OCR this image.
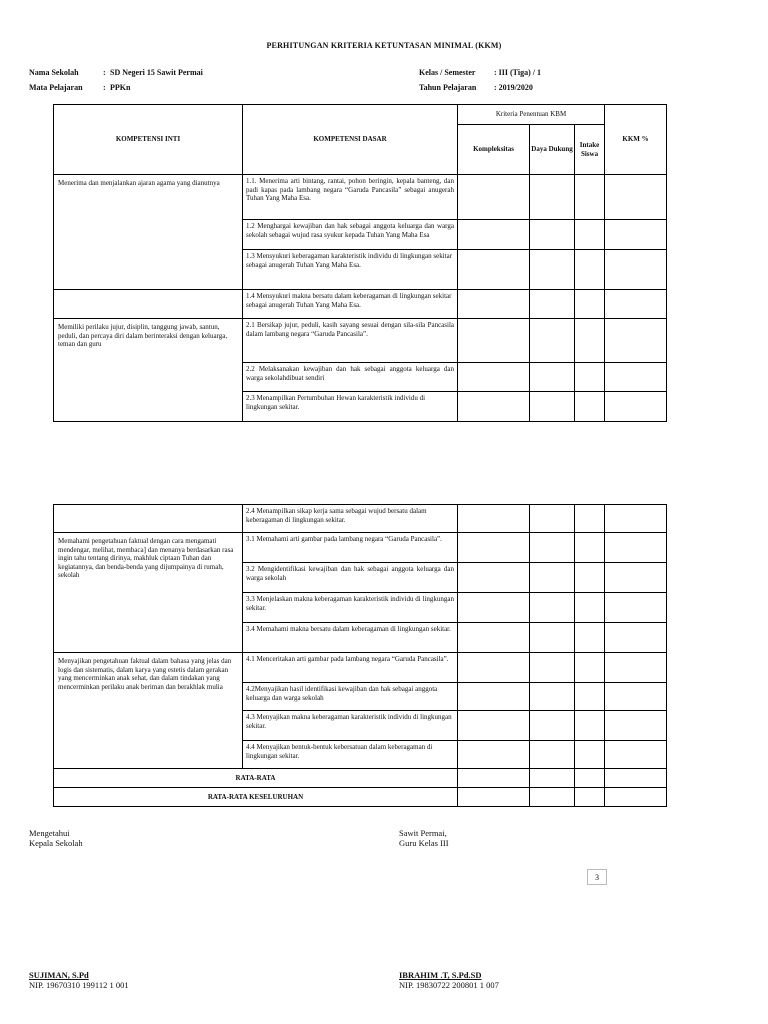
PERHITUNGAN KRITERIA KETUNTASAN MINIMAL (KKM)
Nama Sekolah	: SD Negeri 15 Sawit Permai
Mata Pelajaran	: PPKn
Kelas / Semester : III (Tiga) / 1
Tahun Pelajaran : 2019/2020
KOMPETENSI INTI	KOMPETENSI DASAR	Kriteria Penentuan KBM			KKM %
		Kompleksitas	Daya Dukung	Intake Siswa	
Menerima dan menjalankan ajaran agama yang dianutnya	1.1. Menerima arti bintang, rantai, pohon beringin, kepala banteng, dan padi kapas pada lambang negara “Garuda Pancasila” sebagai anugerah Tuhan Yang Maha Esa.				
	1.2 Menghargai kewajiban dan hak sebagai anggota keluarga dan warga sekolah sebagai wujud rasa syukur kepada Tuhan Yang Maha Esa				
	1.3 Mensyukuri keberagaman karakteristik individu di lingkungan sekitar sebagai anugerah Tuhan Yang Maha Esa.				
	1.4 Mensyukuri makna bersatu dalam keberagaman di lingkungan sekitar sebagai anugerah Tuhan Yang Maha Esa.				
Memiliki perilaku jujur, disiplin, tanggung jawab, santun, peduli, dan percaya diri dalam berinteraksi dengan keluarga, teman dan guru	2.1 Bersikap jujur, peduli, kasih sayang sesuai dengan sila-sila Pancasila dalam lambang negara “Garuda Pancasila”.				
	2.2 Melaksanakan kewajiban dan hak sebagai anggota keluarga dan warga sekolahdibuat sendiri				
	2.3 Menampilkan Pertumbuhan Hewan karakteristik individu di lingkungan sekitar.				
	2.4 Menampilkan sikap kerja sama sebagai wujud bersatu dalam keberagaman di lingkungan sekitar.				
Memahami pengetahuan faktual dengan cara mengamati mendengar, melihat, membaca] dan menanya berdasarkan rasa ingin tahu tentang dirinya, makhluk ciptaan Tuhan dan kegiatannya, dan benda-benda yang dijumpainya di rumah, sekolah	3.1 Memahami arti gambar pada lambang negara “Garuda Pancasila”.				
	3.2 Mengidentifikasi kewajiban dan hak sebagai anggota keluarga dan warga sekolah				
	3.3 Menjelaskan makna keberagaman karakteristik individu di lingkungan sekitar.				
	3.4 Memahami makna bersatu dalam keberagaman di lingkungan sekitar.				
Menyajikan pengetahuan faktual dalam bahasa yang jelas dan logis dan sistematis, dalam karya yang estetis dalam gerakan yang mencerminkan anak sehat, dan dalam tindakan yang mencerminkan perilaku anak beriman dan berakhlak mulia	4.1 Menceritakan arti gambar pada lambang negara “Garuda Pancasila”.				
	4.2Menyajikan hasil identifikasi kewajiban dan hak sebagai anggota keluarga dan warga sekolah				
	4.3 Menyajikan makna keberagaman karakteristik individu di lingkungan sekitar.				
	4.4 Menyajikan bentuk-bentuk kebersatuan dalam keberagaman di lingkungan sekitar.				
RATA-RATA					
RATA-RATA KESELURUHAN					
Mengetahui
Kepala Sekolah
Sawit Permai,
Guru Kelas III
3
SUJIMAN, S.Pd
NIP. 19670310 199112 1 001
IBRAHIM .T, S.Pd.SD
NIP. 19830722 200801 1 007
